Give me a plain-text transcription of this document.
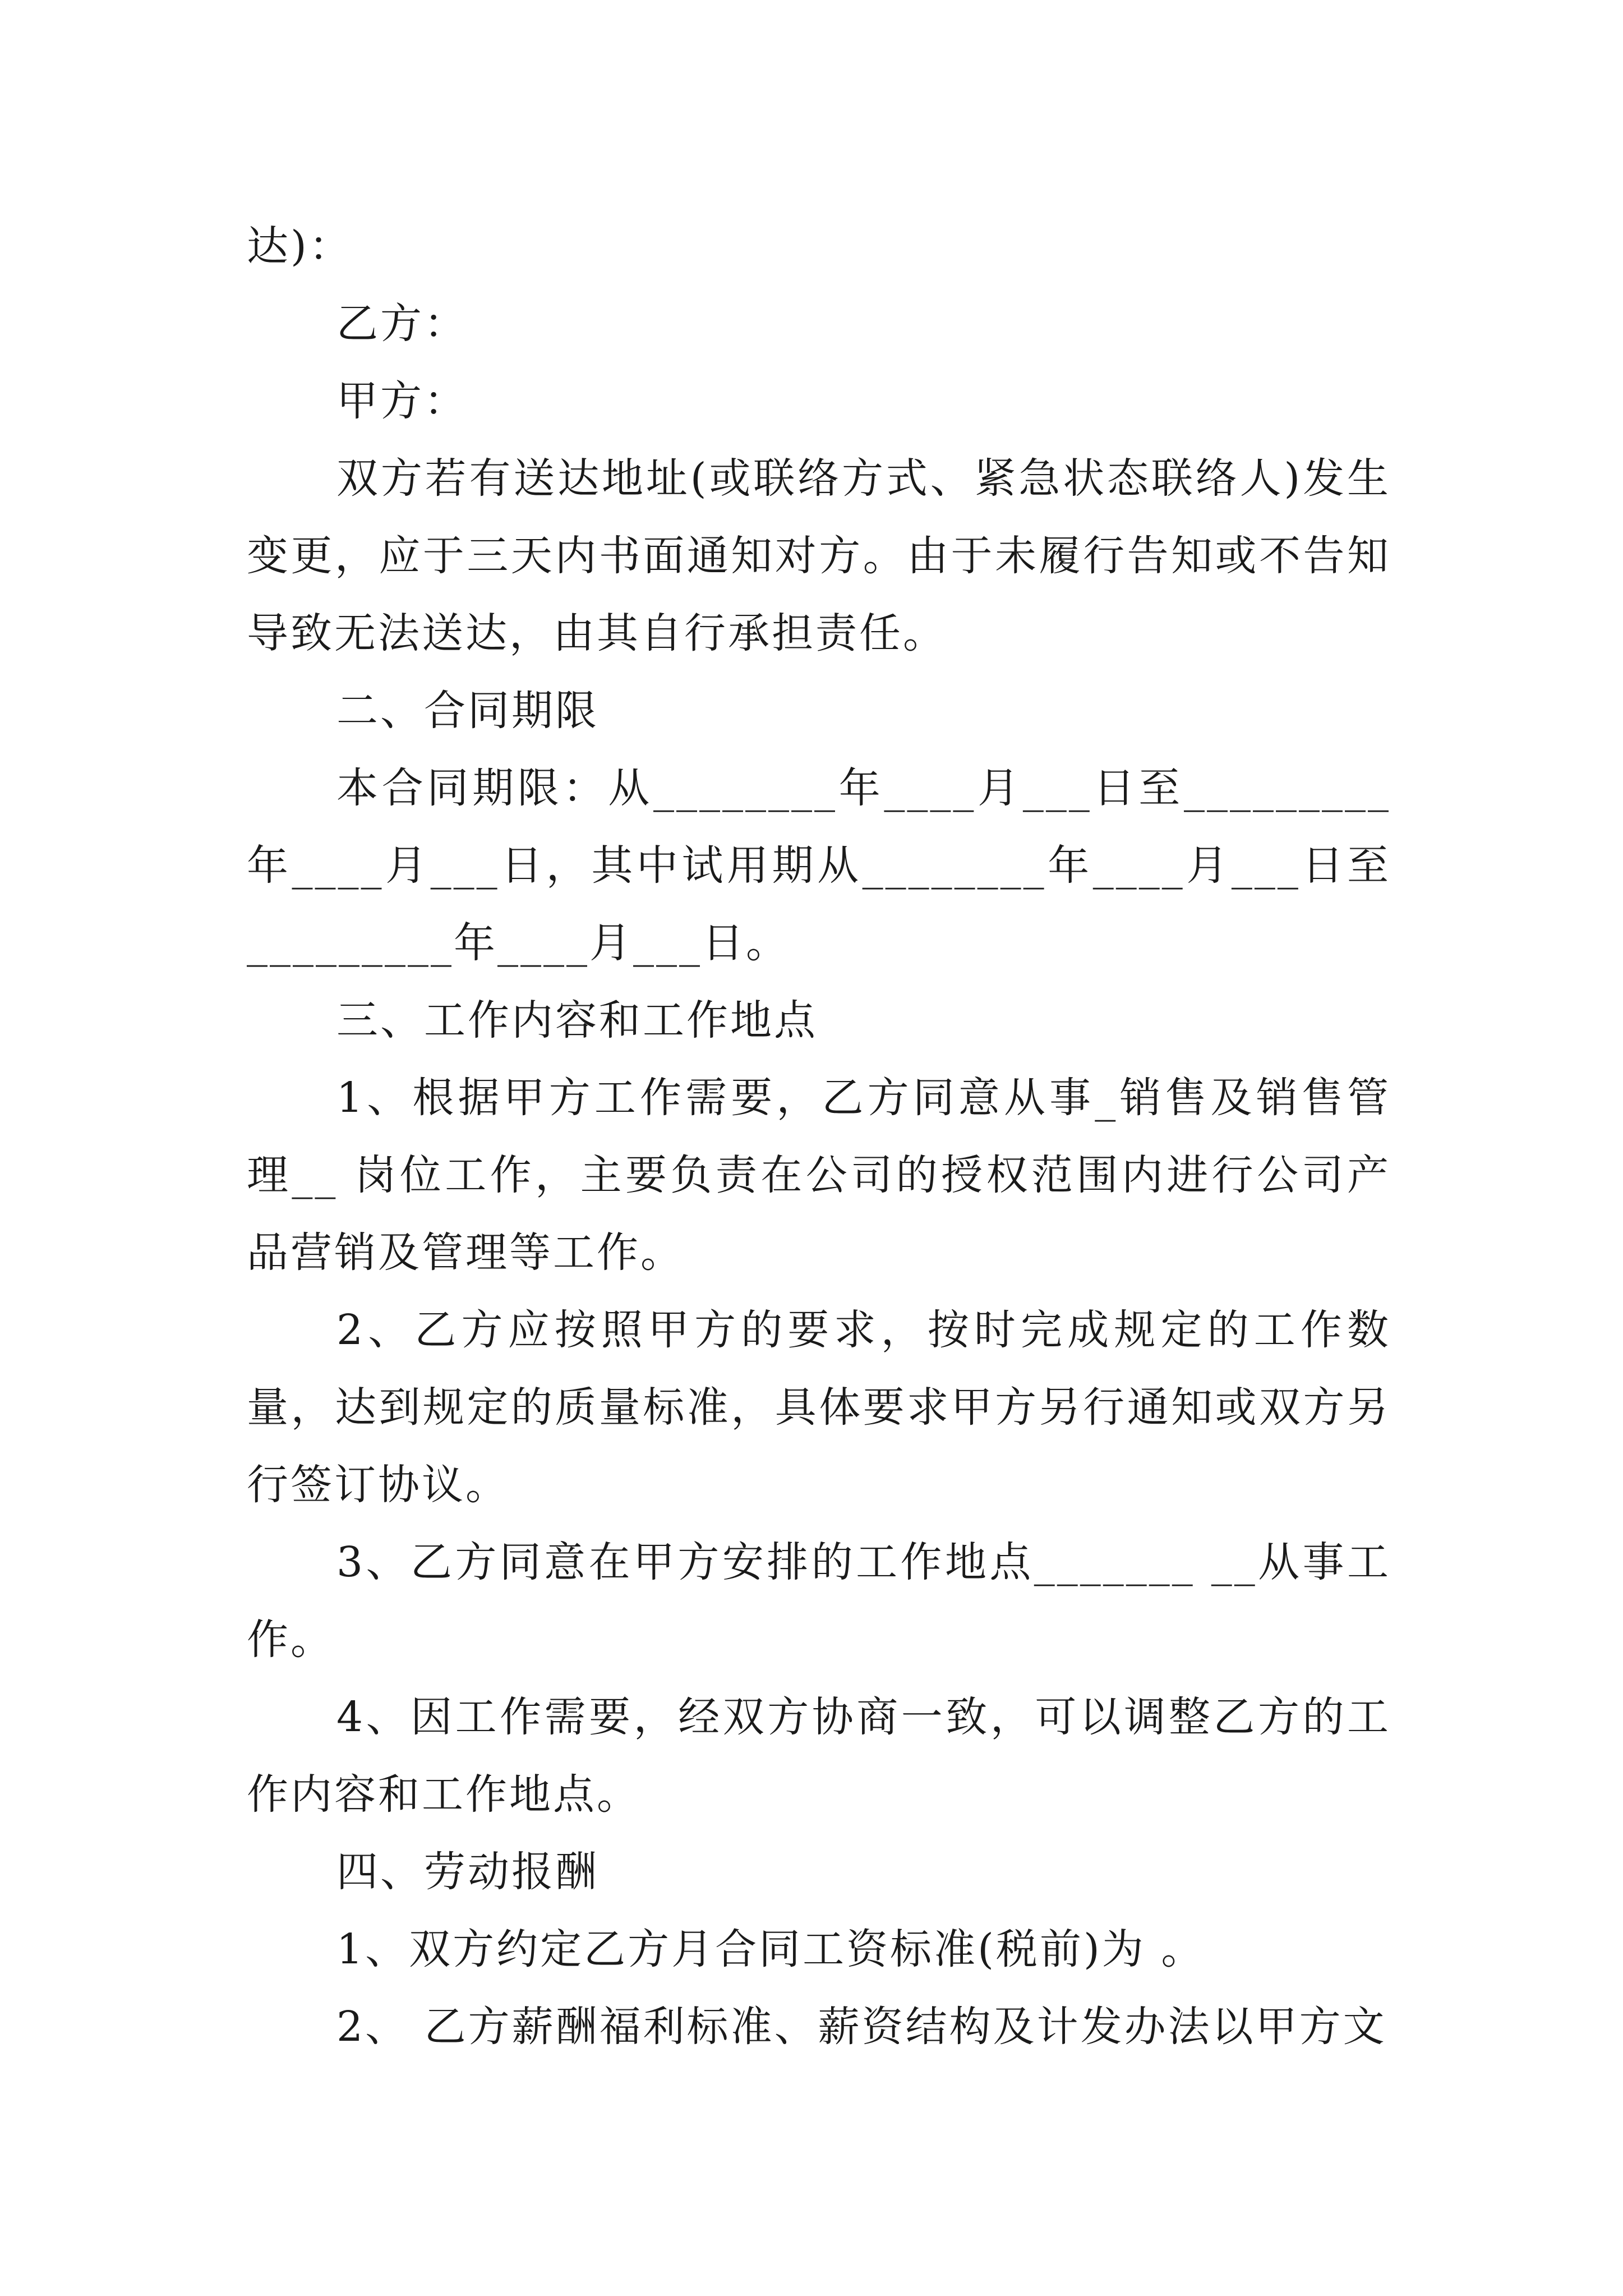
达)：

乙方：

甲方：

双方若有送达地址(或联络方式、紧急状态联络人)发生变更，应于三天内书面通知对方。由于未履行告知或不告知导致无法送达，由其自行承担责任。

二、合同期限

本合同期限：从________年____月___日至_________年____月___日，其中试用期从________年____月___日至_________年____月___日。

三、工作内容和工作地点

1、根据甲方工作需要，乙方同意从事_销售及销售管理__ 岗位工作，主要负责在公司的授权范围内进行公司产品营销及管理等工作。

2、乙方应按照甲方的要求，按时完成规定的工作数量，达到规定的质量标准，具体要求甲方另行通知或双方另行签订协议。

3、乙方同意在甲方安排的工作地点_______ __从事工作。

4、因工作需要，经双方协商一致，可以调整乙方的工作内容和工作地点。

四、劳动报酬

1、双方约定乙方月合同工资标准(税前)为 。

2、 乙方薪酬福利标准、薪资结构及计发办法以甲方文
